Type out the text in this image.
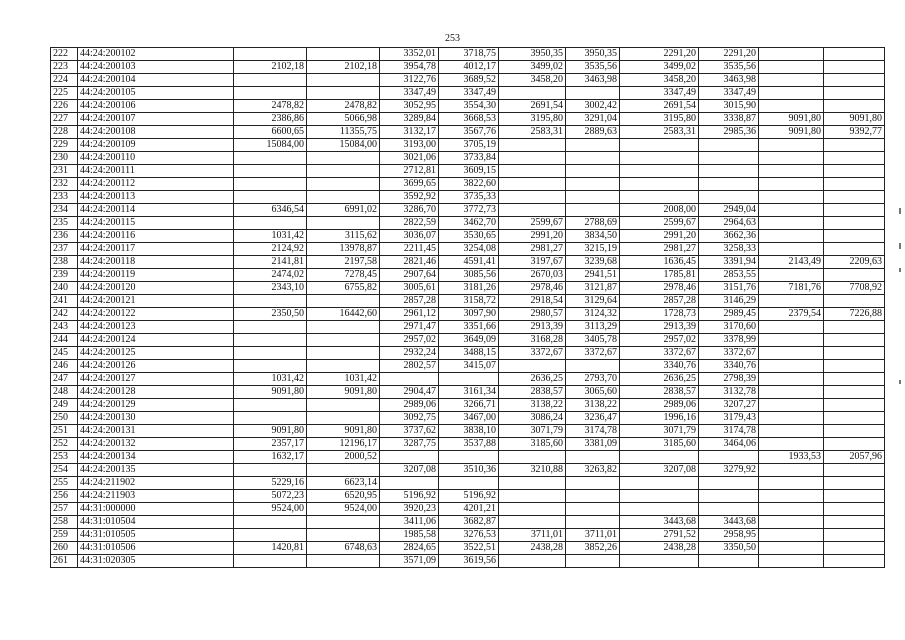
253
222	44:24:200102			3352,01	3718,75	3950,35	3950,35	2291,20	2291,20		
223	44:24:200103	2102,18	2102,18	3954,78	4012,17	3499,02	3535,56	3499,02	3535,56		
224	44:24:200104			3122,76	3689,52	3458,20	3463,98	3458,20	3463,98		
225	44:24:200105			3347,49	3347,49			3347,49	3347,49		
226	44:24:200106	2478,82	2478,82	3052,95	3554,30	2691,54	3002,42	2691,54	3015,90		
227	44:24:200107	2386,86	5066,98	3289,84	3668,53	3195,80	3291,04	3195,80	3338,87	9091,80	9091,80
228	44:24:200108	6600,65	11355,75	3132,17	3567,76	2583,31	2889,63	2583,31	2985,36	9091,80	9392,77
229	44:24:200109	15084,00	15084,00	3193,00	3705,19						
230	44:24:200110			3021,06	3733,84						
231	44:24:200111			2712,81	3609,15						
232	44:24:200112			3699,65	3822,60						
233	44:24:200113			3592,92	3735,33						
234	44:24:200114	6346,54	6991,02	3286,70	3772,73			2008,00	2949,04		
235	44:24:200115			2822,59	3462,70	2599,67	2788,69	2599,67	2964,63		
236	44:24:200116	1031,42	3115,62	3036,07	3530,65	2991,20	3834,50	2991,20	3662,36		
237	44:24:200117	2124,92	13978,87	2211,45	3254,08	2981,27	3215,19	2981,27	3258,33		
238	44:24:200118	2141,81	2197,58	2821,46	4591,41	3197,67	3239,68	1636,45	3391,94	2143,49	2209,63
239	44:24:200119	2474,02	7278,45	2907,64	3085,56	2670,03	2941,51	1785,81	2853,55		
240	44:24:200120	2343,10	6755,82	3005,61	3181,26	2978,46	3121,87	2978,46	3151,76	7181,76	7708,92
241	44:24:200121			2857,28	3158,72	2918,54	3129,64	2857,28	3146,29		
242	44:24:200122	2350,50	16442,60	2961,12	3097,90	2980,57	3124,32	1728,73	2989,45	2379,54	7226,88
243	44:24:200123			2971,47	3351,66	2913,39	3113,29	2913,39	3170,60		
244	44:24:200124			2957,02	3649,09	3168,28	3405,78	2957,02	3378,99		
245	44:24:200125			2932,24	3488,15	3372,67	3372,67	3372,67	3372,67		
246	44:24:200126			2802,57	3415,07			3340,76	3340,76		
247	44:24:200127	1031,42	1031,42			2636,25	2793,70	2636,25	2798,39		
248	44:24:200128	9091,80	9091,80	2904,47	3161,34	2838,57	3065,60	2838,57	3132,78		
249	44:24:200129			2989,06	3266,71	3138,22	3138,22	2989,06	3207,27		
250	44:24:200130			3092,75	3467,00	3086,24	3236,47	1996,16	3179,43		
251	44:24:200131	9091,80	9091,80	3737,62	3838,10	3071,79	3174,78	3071,79	3174,78		
252	44:24:200132	2357,17	12196,17	3287,75	3537,88	3185,60	3381,09	3185,60	3464,06		
253	44:24:200134	1632,17	2000,52							1933,53	2057,96
254	44:24:200135			3207,08	3510,36	3210,88	3263,82	3207,08	3279,92		
255	44:24:211902	5229,16	6623,14								
256	44:24:211903	5072,23	6520,95	5196,92	5196,92						
257	44:31:000000	9524,00	9524,00	3920,23	4201,21						
258	44:31:010504			3411,06	3682,87			3443,68	3443,68		
259	44:31:010505			1985,58	3276,53	3711,01	3711,01	2791,52	2958,95		
260	44:31:010506	1420,81	6748,63	2824,65	3522,51	2438,28	3852,26	2438,28	3350,50		
261	44:31:020305			3571,09	3619,56						
